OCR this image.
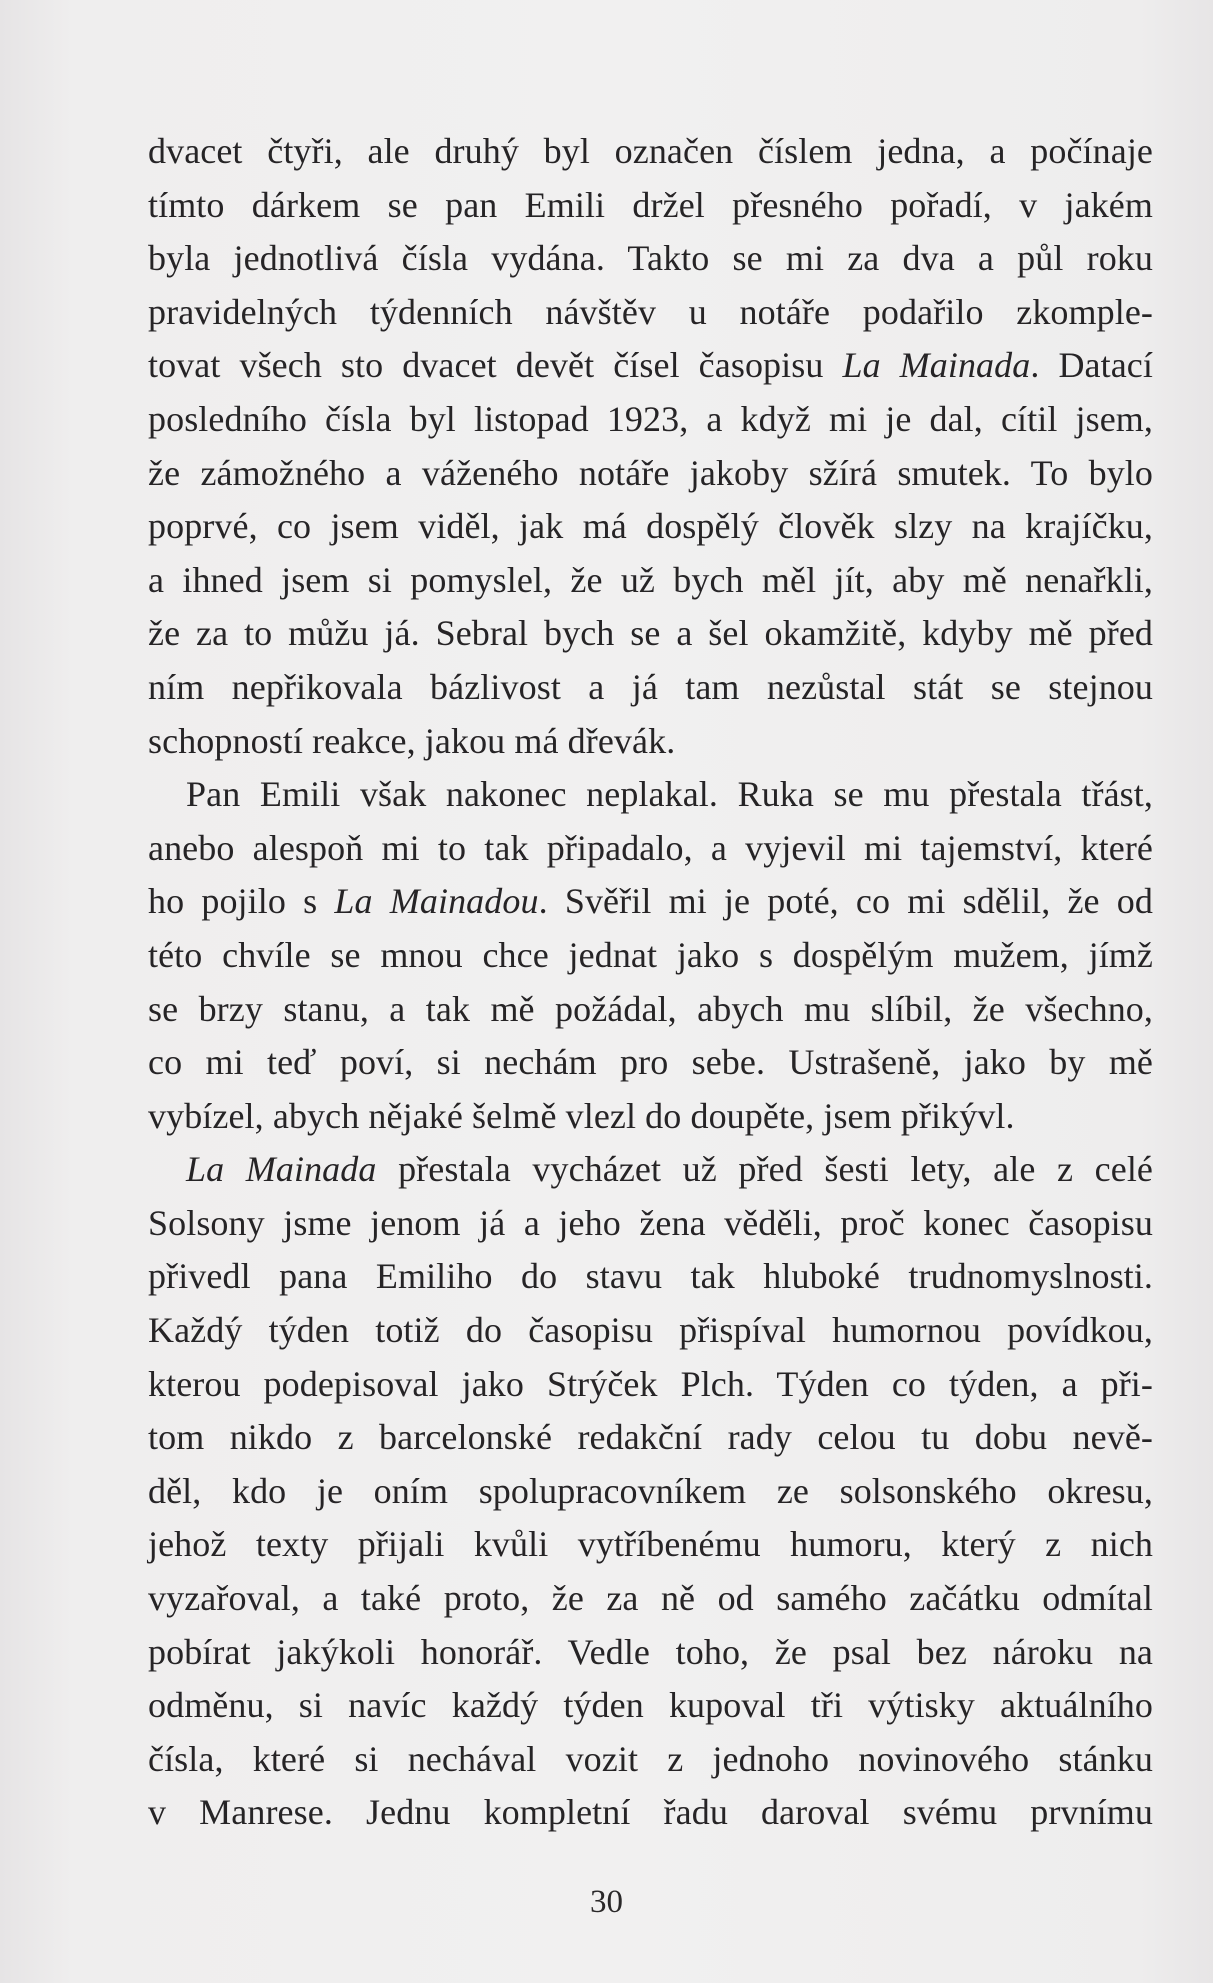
dvacet čtyři, ale druhý byl označen číslem jedna, a počínaje
tímto dárkem se pan Emili držel přesného pořadí, v jakém
byla jednotlivá čísla vydána. Takto se mi za dva a půl roku
pravidelných týdenních návštěv u notáře podařilo zkomple-
tovat všech sto dvacet devět čísel časopisu La Mainada. Datací
posledního čísla byl listopad 1923, a když mi je dal, cítil jsem,
že zámožného a váženého notáře jakoby sžírá smutek. To bylo
poprvé, co jsem viděl, jak má dospělý člověk slzy na krajíčku,
a ihned jsem si pomyslel, že už bych měl jít, aby mě nenařkli,
že za to můžu já. Sebral bych se a šel okamžitě, kdyby mě před
ním nepřikovala bázlivost a já tam nezůstal stát se stejnou
schopností reakce, jakou má dřevák.
Pan Emili však nakonec neplakal. Ruka se mu přestala třást,
anebo alespoň mi to tak připadalo, a vyjevil mi tajemství, které
ho pojilo s La Mainadou. Svěřil mi je poté, co mi sdělil, že od
této chvíle se mnou chce jednat jako s dospělým mužem, jímž
se brzy stanu, a tak mě požádal, abych mu slíbil, že všechno,
co mi teď poví, si nechám pro sebe. Ustrašeně, jako by mě
vybízel, abych nějaké šelmě vlezl do doupěte, jsem přikývl.
La Mainada přestala vycházet už před šesti lety, ale z celé
Solsony jsme jenom já a jeho žena věděli, proč konec časopisu
přivedl pana Emiliho do stavu tak hluboké trudnomyslnosti.
Každý týden totiž do časopisu přispíval humornou povídkou,
kterou podepisoval jako Strýček Plch. Týden co týden, a při-
tom nikdo z barcelonské redakční rady celou tu dobu nevě-
děl, kdo je oním spolupracovníkem ze solsonského okresu,
jehož texty přijali kvůli vytříbenému humoru, který z nich
vyzařoval, a také proto, že za ně od samého začátku odmítal
pobírat jakýkoli honorář. Vedle toho, že psal bez nároku na
odměnu, si navíc každý týden kupoval tři výtisky aktuálního
čísla, které si nechával vozit z jednoho novinového stánku
v Manrese. Jednu kompletní řadu daroval svému prvnímu
30
